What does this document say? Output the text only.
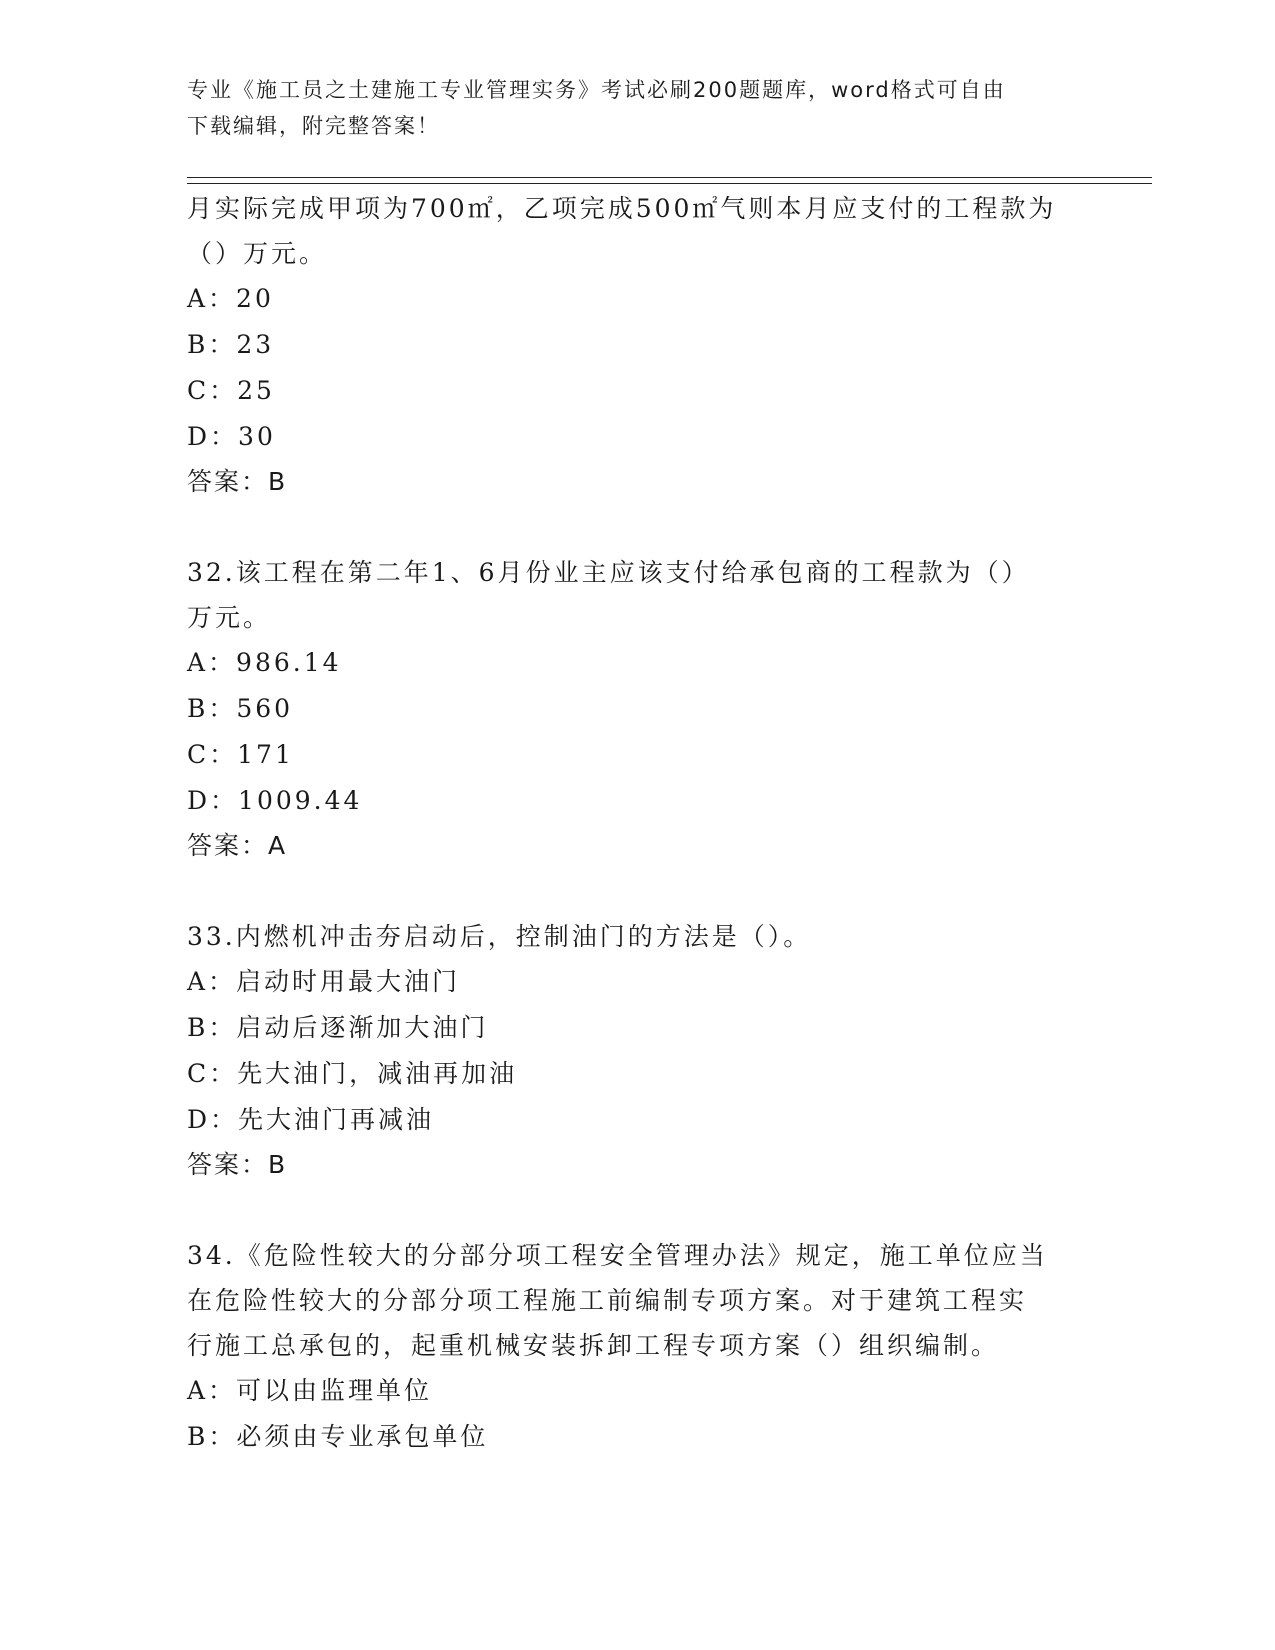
专业《施工员之土建施工专业管理实务》考试必刷200题题库，word格式可自由
下载编辑，附完整答案！

月实际完成甲项为700㎡，乙项完成500㎡气则本月应支付的工程款为

（）万元。

A：20

B：23

C：25

D：30

答案：B

32.该工程在第二年1、6月份业主应该支付给承包商的工程款为（）

万元。

A：986.14

B：560

C：171

D：1009.44

答案：A

33.内燃机冲击夯启动后，控制油门的方法是（）。

A：启动时用最大油门

B：启动后逐渐加大油门

C：先大油门，减油再加油

D：先大油门再减油

答案：B

34.《危险性较大的分部分项工程安全管理办法》规定，施工单位应当

在危险性较大的分部分项工程施工前编制专项方案。对于建筑工程实

行施工总承包的，起重机械安装拆卸工程专项方案（）组织编制。

A：可以由监理单位

B：必须由专业承包单位
